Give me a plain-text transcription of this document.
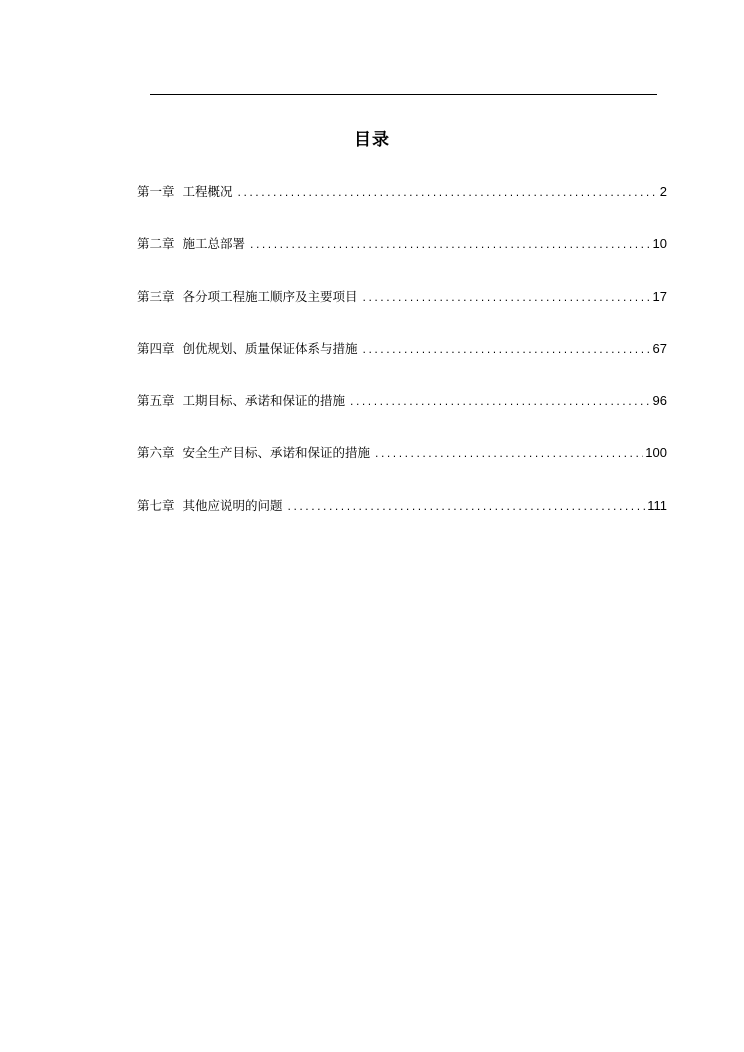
目录
第一章 工程概况 .....	2
第二章 施工总部署 .....	10
第三章 各分项工程施工顺序及主要项目 .....	17
第四章 创优规划、质量保证体系与措施 .....	67
第五章 工期目标、承诺和保证的措施 .....	96
第六章 安全生产目标、承诺和保证的措施 .....	100
第七章 其他应说明的问题 .....	111
